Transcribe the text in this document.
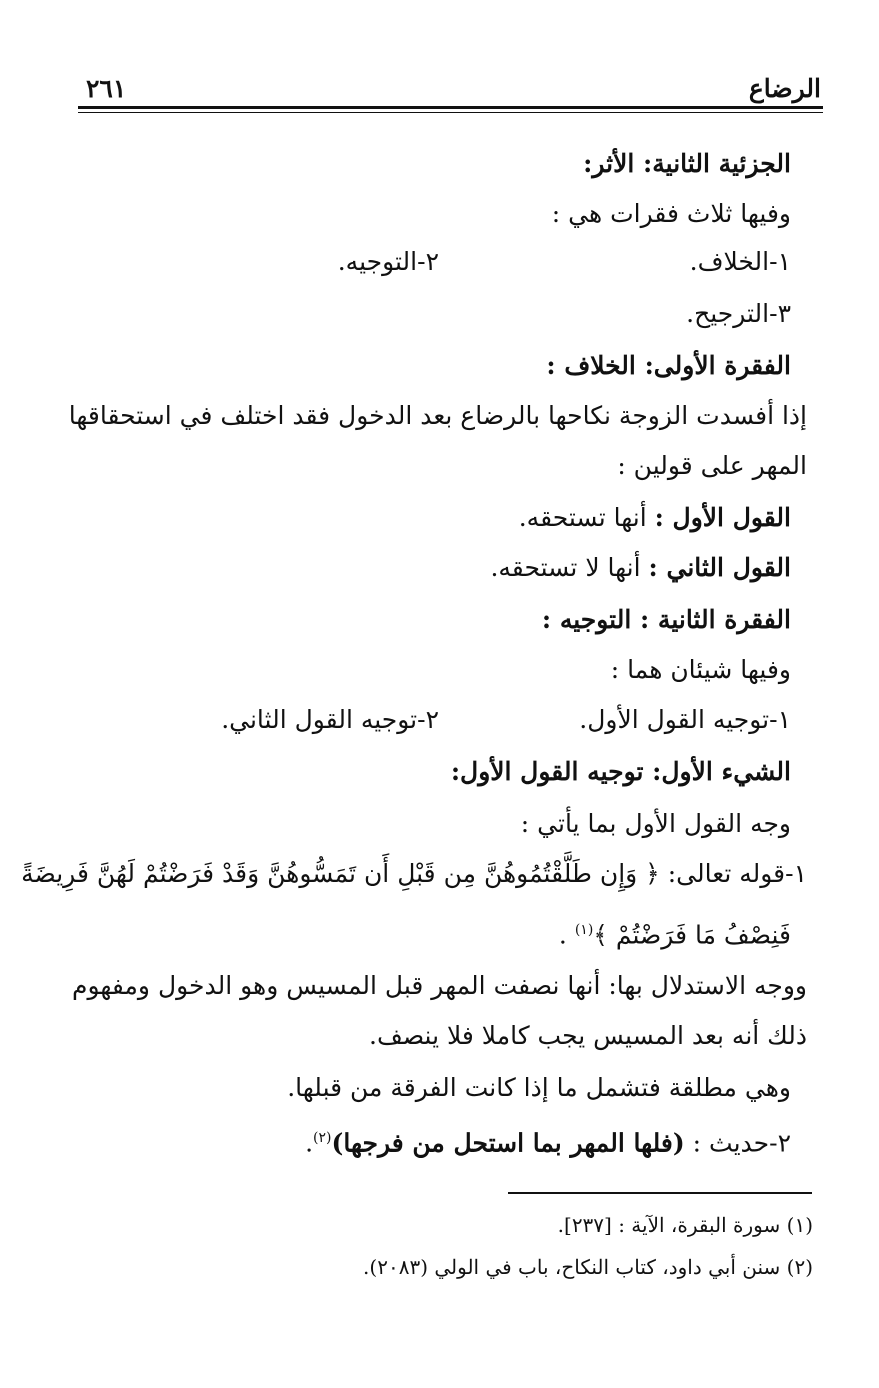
الرضاع
٢٦١
الجزئية الثانية: الأثر:
وفيها ثلاث فقرات هي :
١-الخلاف.
٢-التوجيه.
٣-الترجيح.
الفقرة الأولى: الخلاف :
إذا أفسدت الزوجة نكاحها بالرضاع بعد الدخول فقد اختلف في استحقاقها
المهر على قولين :
القول الأول : أنها تستحقه.
القول الثاني : أنها لا تستحقه.
الفقرة الثانية : التوجيه :
وفيها شيئان هما :
١-توجيه القول الأول.
٢-توجيه القول الثاني.
الشيء الأول: توجيه القول الأول:
وجه القول الأول بما يأتي :
١-قوله تعالى: ﴿ وَإِن طَلَّقْتُمُوهُنَّ مِن قَبْلِ أَن تَمَسُّوهُنَّ وَقَدْ فَرَضْتُمْ لَهُنَّ فَرِيضَةً
فَنِصْفُ مَا فَرَضْتُمْ ﴾$^{(١)}$ .
ووجه الاستدلال بها: أنها نصفت المهر قبل المسيس وهو الدخول ومفهوم
ذلك أنه بعد المسيس يجب كاملا فلا ينصف.
وهي مطلقة فتشمل ما إذا كانت الفرقة من قبلها.
٢-حديث : (فلها المهر بما استحل من فرجها)$^{(٢)}$.
(١) سورة البقرة، الآية : [٢٣٧].
(٢) سنن أبي داود، كتاب النكاح، باب في الولي (٢٠٨٣).
